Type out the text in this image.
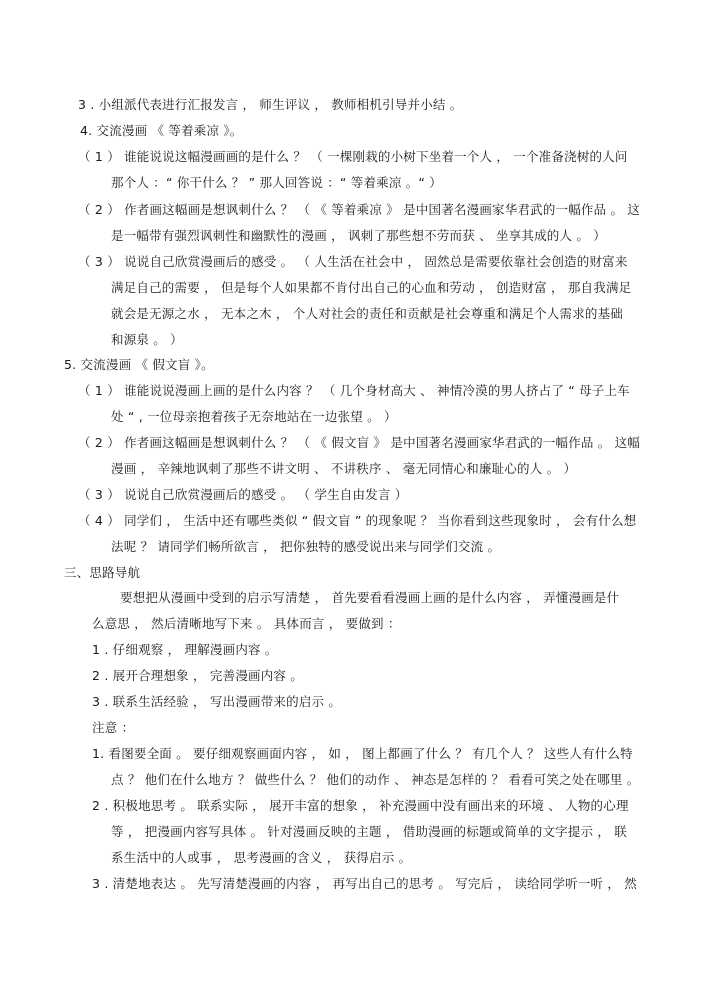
3 . 小组派代表进行汇报发言 ， 师生评议 ， 教师相机引导并小结 。
4. 交流漫画 《 等着乘凉 》。
（ 1 ） 谁能说说这幅漫画画的是什么 ？ （ 一棵刚栽的小树下坐着一个人 ， 一个准备浇树的人问
那个人 ：“ 你干什么 ？ ” 那人回答说 ：“ 等着乘凉 。“ ）
（ 2 ） 作者画这幅画是想讽刺什么 ？ （ 《 等着乘凉 》 是中国著名漫画家华君武的一幅作品 。 这
是一幅带有强烈讽刺性和幽默性的漫画 ， 讽刺了那些想不劳而获 、 坐享其成的人 。 ）
（ 3 ） 说说自己欣赏漫画后的感受 。 （ 人生活在社会中 ， 固然总是需要依靠社会创造的财富来
满足自己的需要 ， 但是每个人如果都不肯付出自己的心血和劳动 ， 创造财富 ， 那自我满足
就会是无源之水 ， 无本之木 ， 个人对社会的责任和贡献是社会尊重和满足个人需求的基础
和源泉 。 ）
5. 交流漫画 《 假文盲 》。
（ 1 ） 谁能说说漫画上画的是什么内容 ？ （ 几个身材高大 、 神情冷漠的男人挤占了 “ 母子上车
处 “ , 一位母亲抱着孩子无奈地站在一边张望 。 ）
（ 2 ） 作者画这幅画是想讽刺什么 ？ （ 《 假文盲 》 是中国著名漫画家华君武的一幅作品 。 这幅
漫画 ， 辛辣地讽刺了那些不讲文明 、 不讲秩序 、 毫无同情心和廉耻心的人 。 ）
（ 3 ） 说说自己欣赏漫画后的感受 。 （ 学生自由发言 ）
（ 4 ） 同学们 ， 生活中还有哪些类似 “ 假文盲 ” 的现象呢 ？ 当你看到这些现象时 ， 会有什么想
法呢 ？ 请同学们畅所欲言 ， 把你独特的感受说出来与同学们交流 。
三、思路导航
要想把从漫画中受到的启示写清楚 ， 首先要看看漫画上画的是什么内容 ， 弄懂漫画是什
么意思 ， 然后清晰地写下来 。 具体而言 ， 要做到 ：
1 . 仔细观察 ， 理解漫画内容 。
2 . 展开合理想象 ， 完善漫画内容 。
3 . 联系生活经验 ， 写出漫画带来的启示 。
注意 ：
1. 看图要全面 。 要仔细观察画面内容 ， 如 ， 图上都画了什么 ？ 有几个人 ？ 这些人有什么特
点 ？ 他们在什么地方 ？ 做些什么 ？ 他们的动作 、 神态是怎样的 ？ 看看可笑之处在哪里 。
2 . 积极地思考 。 联系实际 ， 展开丰富的想象 ， 补充漫画中没有画出来的环境 、 人物的心理
等 ， 把漫画内容写具体 。 针对漫画反映的主题 ， 借助漫画的标题或简单的文字提示 ， 联
系生活中的人或事 ， 思考漫画的含义 ， 获得启示 。
3 . 清楚地表达 。 先写清楚漫画的内容 ， 再写出自己的思考 。 写完后 ， 读给同学听一听 ， 然
